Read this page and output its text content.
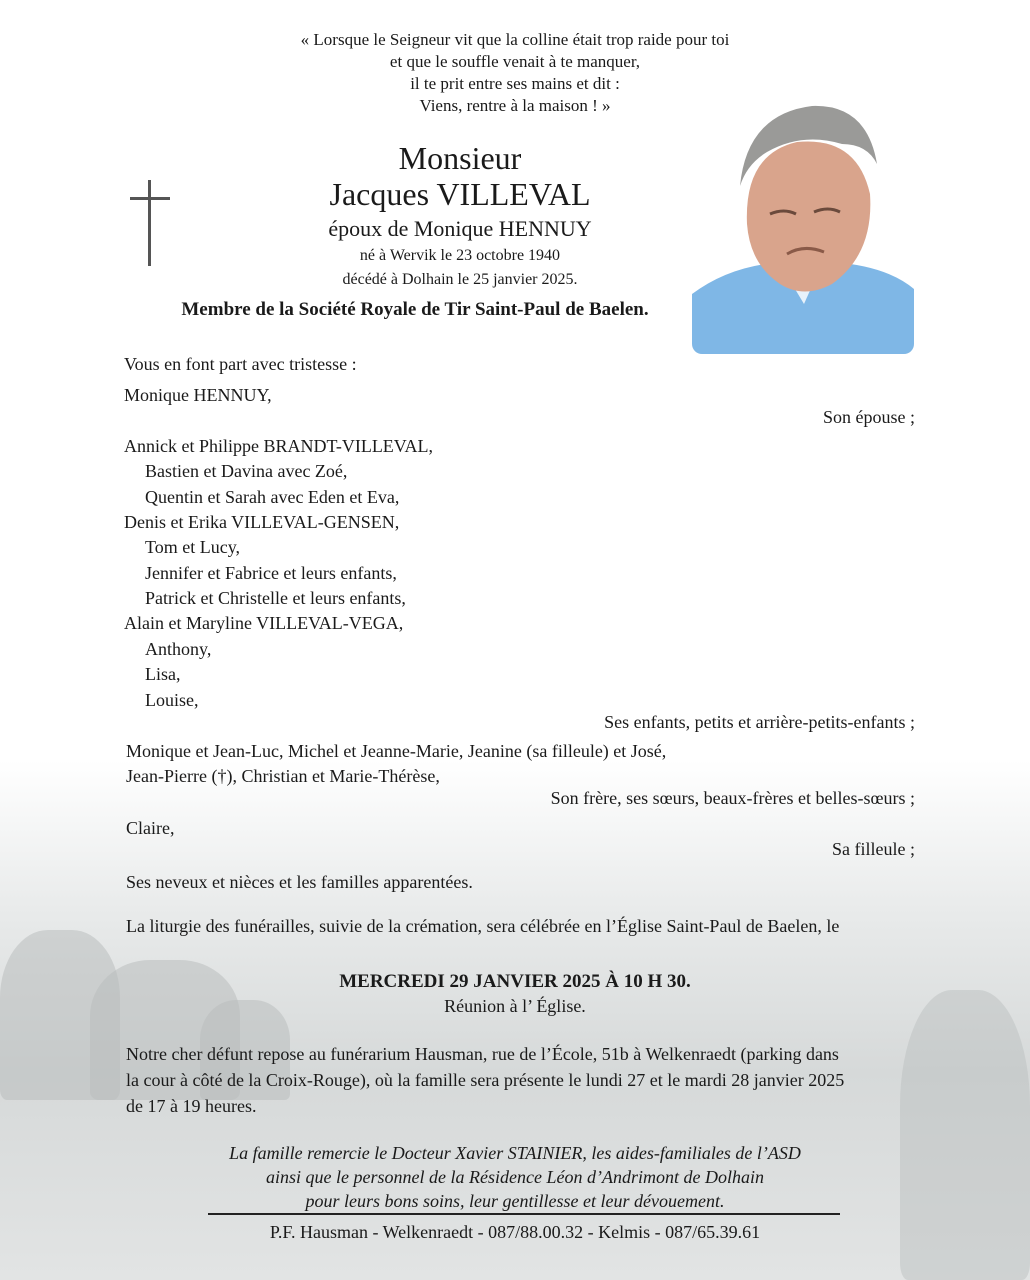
« Lorsque le Seigneur vit que la colline était trop raide pour toi
et que le souffle venait à te manquer,
il te prit entre ses mains et dit :
Viens, rentre à la maison ! »
Monsieur
Jacques VILLEVAL
époux de Monique HENNUY
né à Wervik le 23 octobre 1940
décédé à Dolhain le 25 janvier 2025.
Membre de la Société Royale de Tir Saint-Paul de Baelen.
Vous en font part avec tristesse :
Monique HENNUY,
Son épouse ;
Annick et Philippe BRANDT-VILLEVAL,
Bastien et Davina avec Zoé,
Quentin et Sarah avec Eden et Eva,
Denis et Erika VILLEVAL-GENSEN,
Tom et Lucy,
Jennifer et Fabrice et leurs enfants,
Patrick et Christelle et leurs enfants,
Alain et Maryline VILLEVAL-VEGA,
Anthony,
Lisa,
Louise,
Ses enfants, petits et arrière-petits-enfants ;
Monique et Jean-Luc, Michel et Jeanne-Marie, Jeanine (sa filleule) et José,
Jean-Pierre (†), Christian et Marie-Thérèse,
Son frère, ses sœurs, beaux-frères et belles-sœurs ;
Claire,
Sa filleule ;
Ses neveux et nièces et les familles apparentées.
La liturgie des funérailles, suivie de la crémation, sera célébrée en l’Église Saint-Paul de Baelen, le
MERCREDI 29 JANVIER 2025 À 10 H 30.
Réunion à l’ Église.
Notre cher défunt repose au funérarium Hausman, rue de l’École, 51b à Welkenraedt (parking dans
la cour à côté de la Croix-Rouge), où la famille sera présente le lundi 27 et le mardi 28 janvier 2025
de 17 à 19 heures.
La famille remercie le Docteur Xavier STAINIER, les aides-familiales de l’ASD
ainsi que le personnel de la Résidence Léon d’Andrimont de Dolhain
pour leurs bons soins, leur gentillesse et leur dévouement.
P.F. Hausman - Welkenraedt - 087/88.00.32 - Kelmis - 087/65.39.61
